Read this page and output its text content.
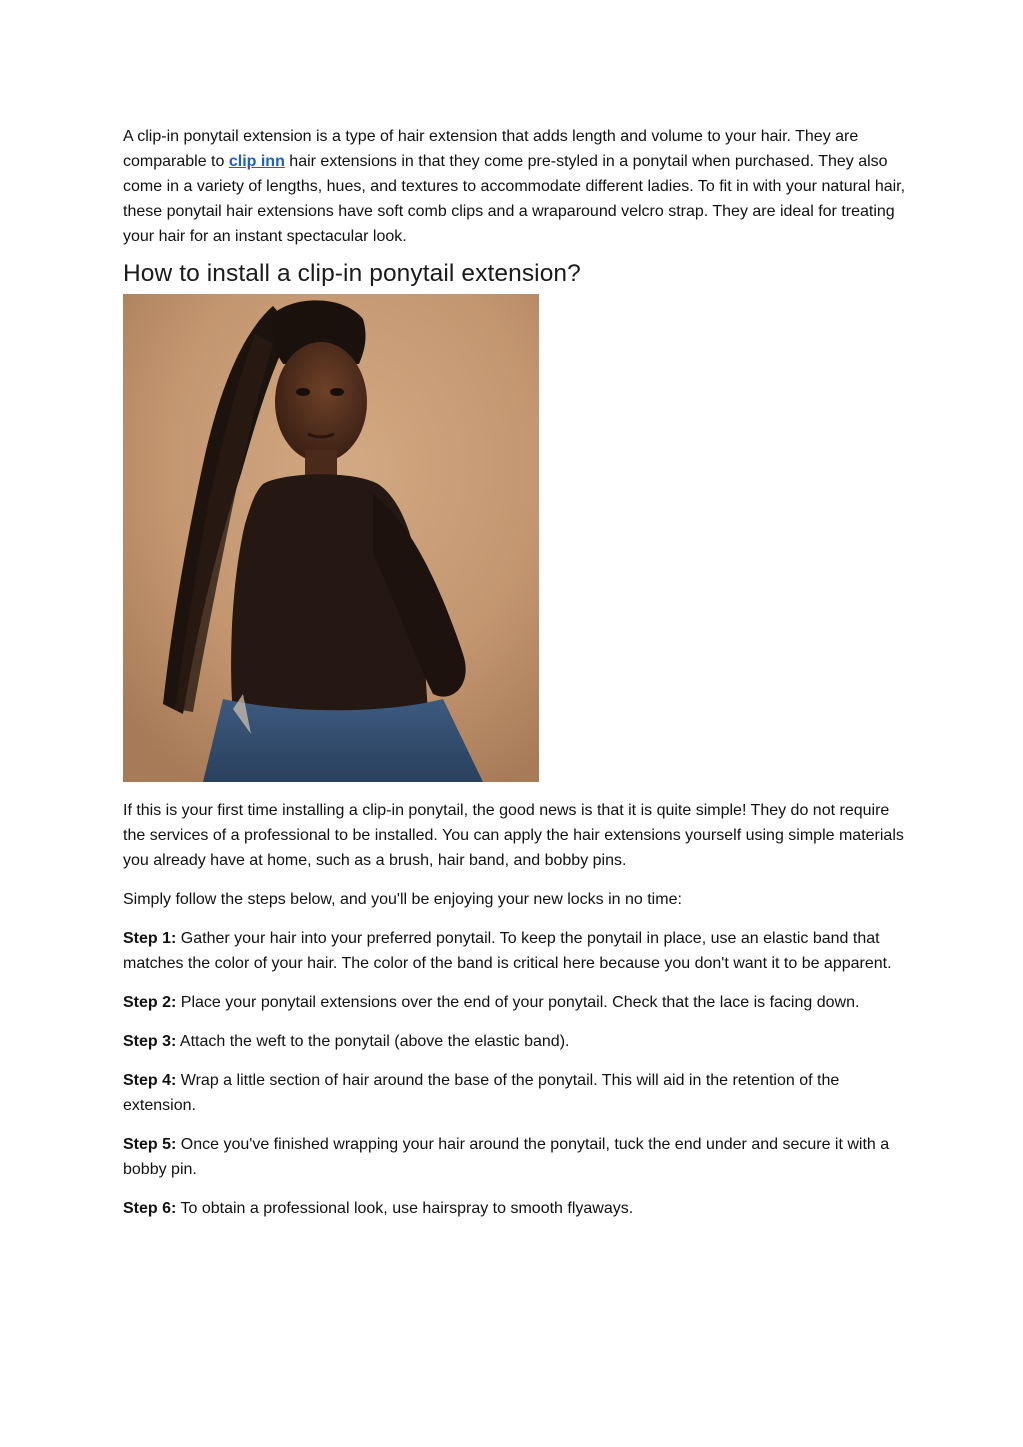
A clip-in ponytail extension is a type of hair extension that adds length and volume to your hair. They are comparable to clip inn hair extensions in that they come pre-styled in a ponytail when purchased. They also come in a variety of lengths, hues, and textures to accommodate different ladies. To fit in with your natural hair, these ponytail hair extensions have soft comb clips and a wraparound velcro strap. They are ideal for treating your hair for an instant spectacular look.

How to install a clip-in ponytail extension?

If this is your first time installing a clip-in ponytail, the good news is that it is quite simple! They do not require the services of a professional to be installed. You can apply the hair extensions yourself using simple materials you already have at home, such as a brush, hair band, and bobby pins.

Simply follow the steps below, and you'll be enjoying your new locks in no time:

Step 1: Gather your hair into your preferred ponytail. To keep the ponytail in place, use an elastic band that matches the color of your hair. The color of the band is critical here because you don't want it to be apparent.

Step 2: Place your ponytail extensions over the end of your ponytail. Check that the lace is facing down.

Step 3: Attach the weft to the ponytail (above the elastic band).

Step 4: Wrap a little section of hair around the base of the ponytail. This will aid in the retention of the extension.

Step 5: Once you've finished wrapping your hair around the ponytail, tuck the end under and secure it with a bobby pin.

Step 6: To obtain a professional look, use hairspray to smooth flyaways.
